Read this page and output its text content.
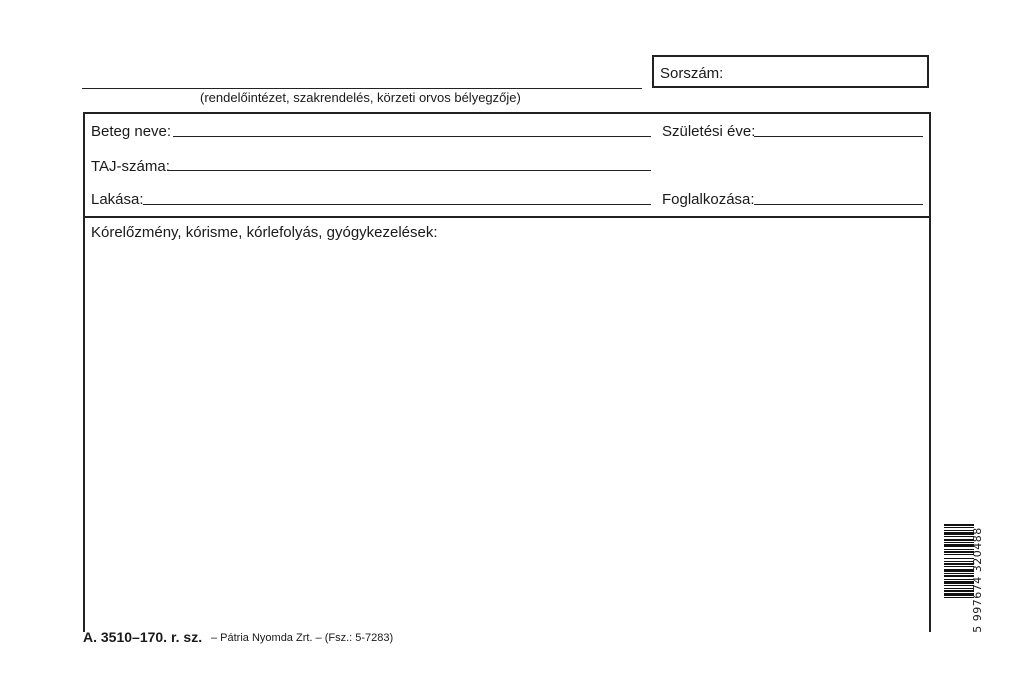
(rendelőintézet, szakrendelés, körzeti orvos bélyegzője)
Sorszám:
Beteg neve:	Születési éve:
TAJ-száma:
Lakása:	Foglalkozása:
Kórelőzmény, kórisme, kórlefolyás, gyógykezelések:
A. 3510–170. r. sz. – Pátria Nyomda Zrt. – (Fsz.: 5-7283)
5 997674 320488
